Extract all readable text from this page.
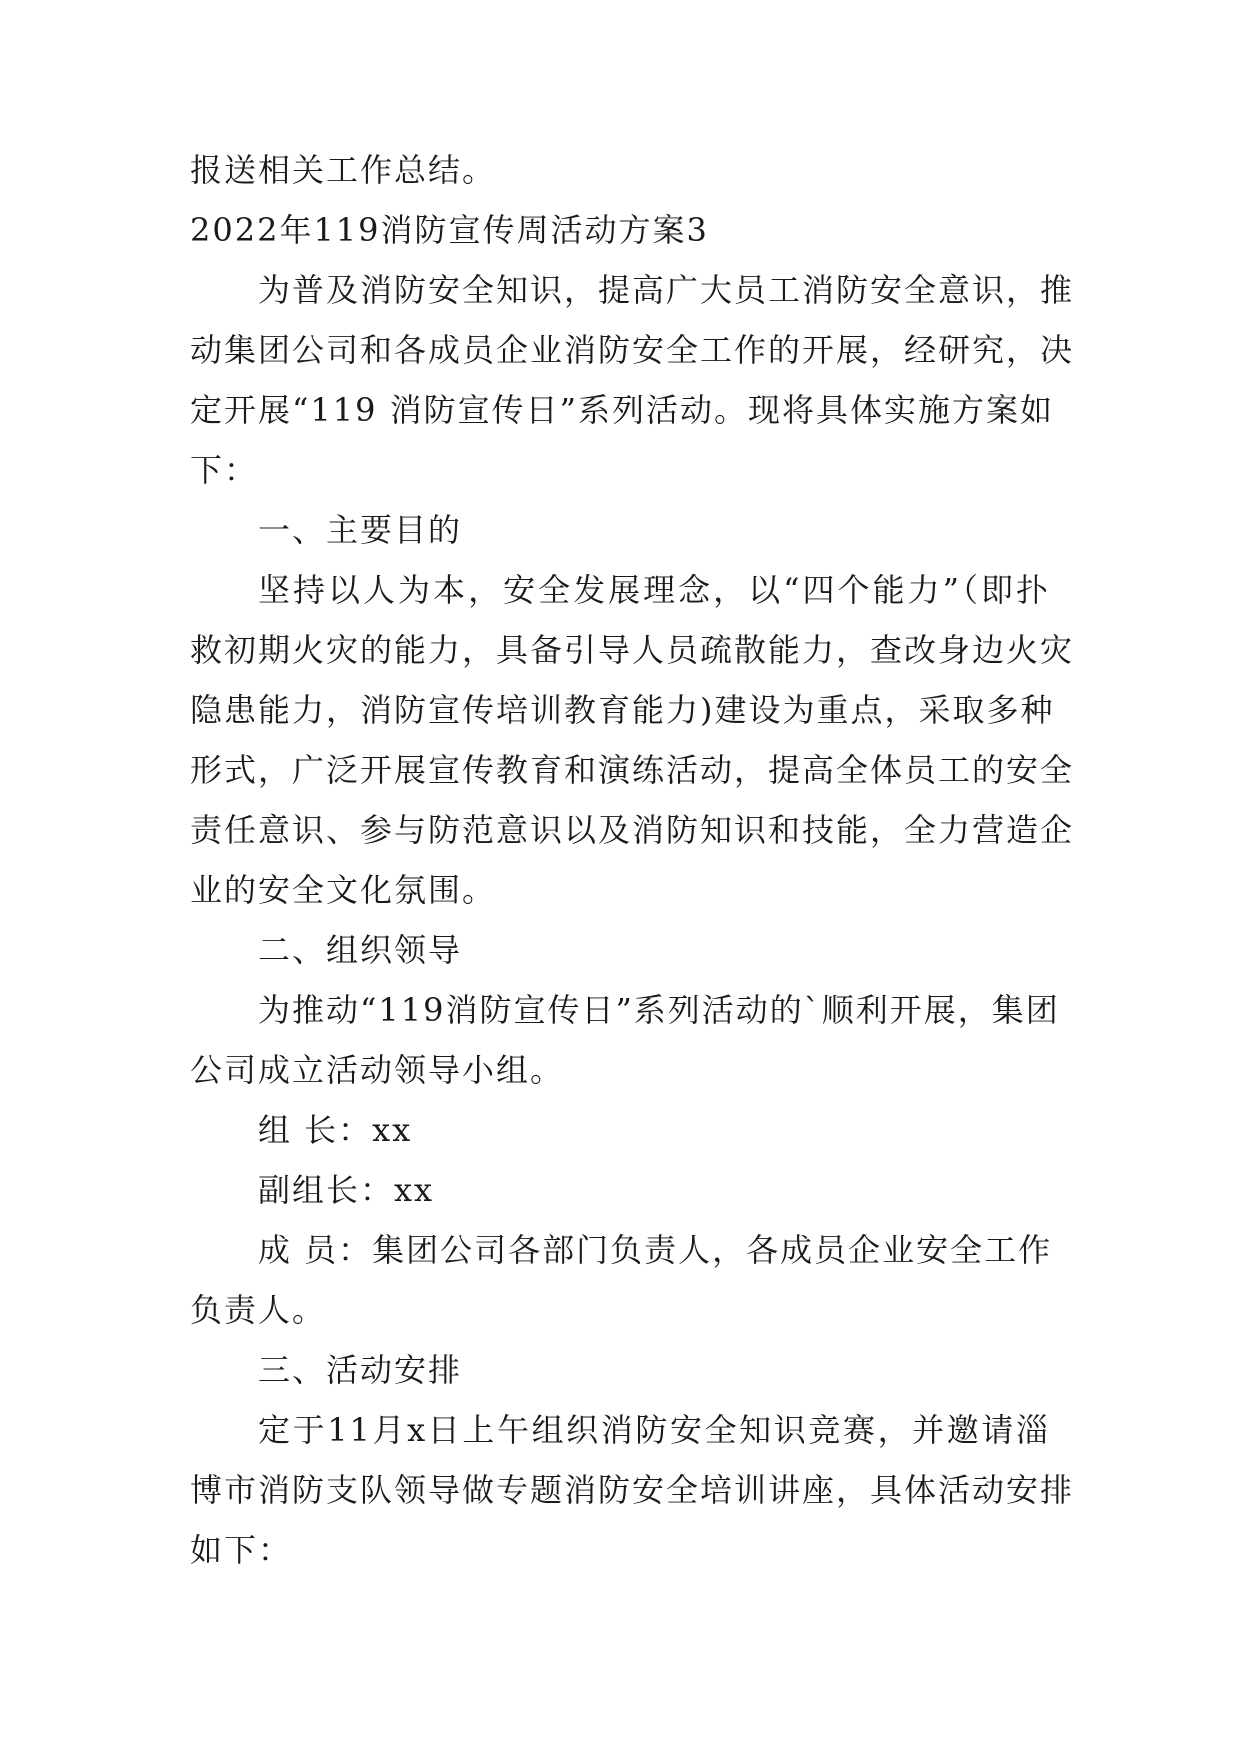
报送相关工作总结。
2022年119消防宣传周活动方案3
为普及消防安全知识，提高广大员工消防安全意识，推
动集团公司和各成员企业消防安全工作的开展，经研究，决
定开展“119 消防宣传日”系列活动。现将具体实施方案如
下：
一、主要目的
坚持以人为本，安全发展理念，以“四个能力”（即扑
救初期火灾的能力，具备引导人员疏散能力，查改身边火灾
隐患能力，消防宣传培训教育能力)建设为重点，采取多种
形式，广泛开展宣传教育和演练活动，提高全体员工的安全
责任意识、参与防范意识以及消防知识和技能，全力营造企
业的安全文化氛围。
二、组织领导
为推动“119消防宣传日”系列活动的`顺利开展，集团
公司成立活动领导小组。
组 长：xx
副组长：xx
成 员：集团公司各部门负责人，各成员企业安全工作
负责人。
三、活动安排
定于11月x日上午组织消防安全知识竞赛，并邀请淄
博市消防支队领导做专题消防安全培训讲座，具体活动安排
如下：
